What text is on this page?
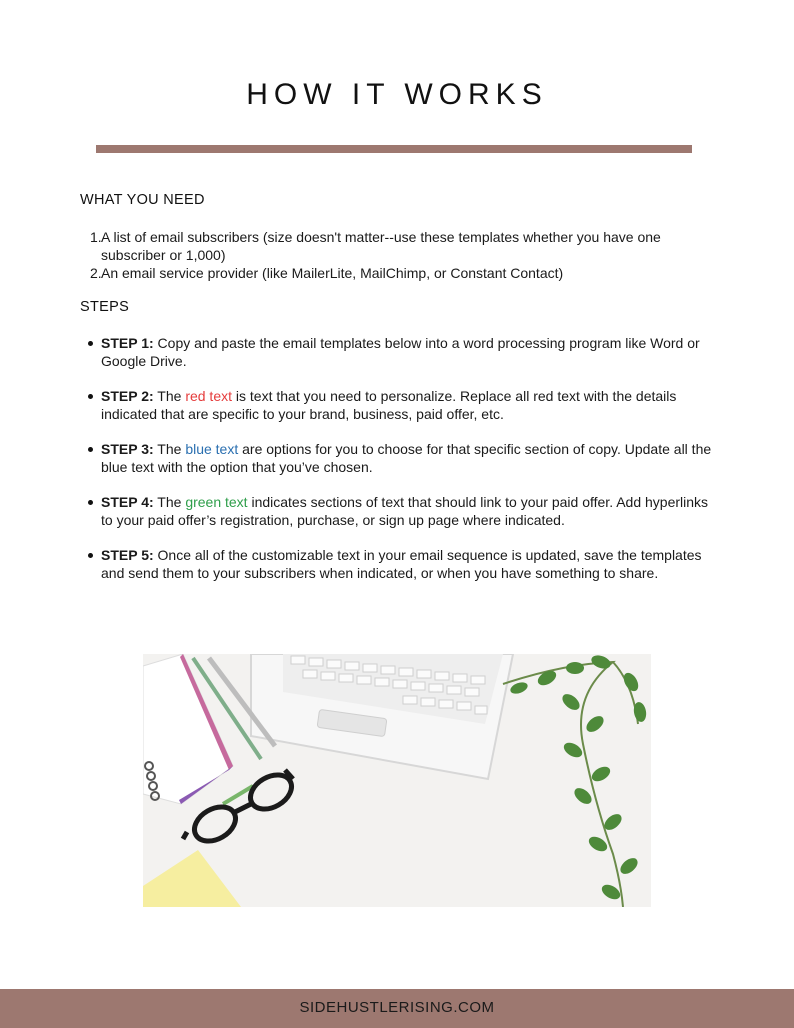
HOW IT WORKS
WHAT YOU NEED
1. A list of email subscribers (size doesn't matter--use these templates whether you have one subscriber or 1,000)
2. An email service provider (like MailerLite, MailChimp, or Constant Contact)
STEPS
STEP 1: Copy and paste the email templates below into a word processing program like Word or Google Drive.
STEP 2: The red text is text that you need to personalize. Replace all red text with the details indicated that are specific to your brand, business, paid offer, etc.
STEP 3: The blue text are options for you to choose for that specific section of copy. Update all the blue text with the option that you’ve chosen.
STEP 4: The green text indicates sections of text that should link to your paid offer. Add hyperlinks to your paid offer’s registration, purchase, or sign up page where indicated.
STEP 5: Once all of the customizable text in your email sequence is updated, save the templates and send them to your subscribers when indicated, or when you have something to share.
SIDEHUSTLERISING.COM
